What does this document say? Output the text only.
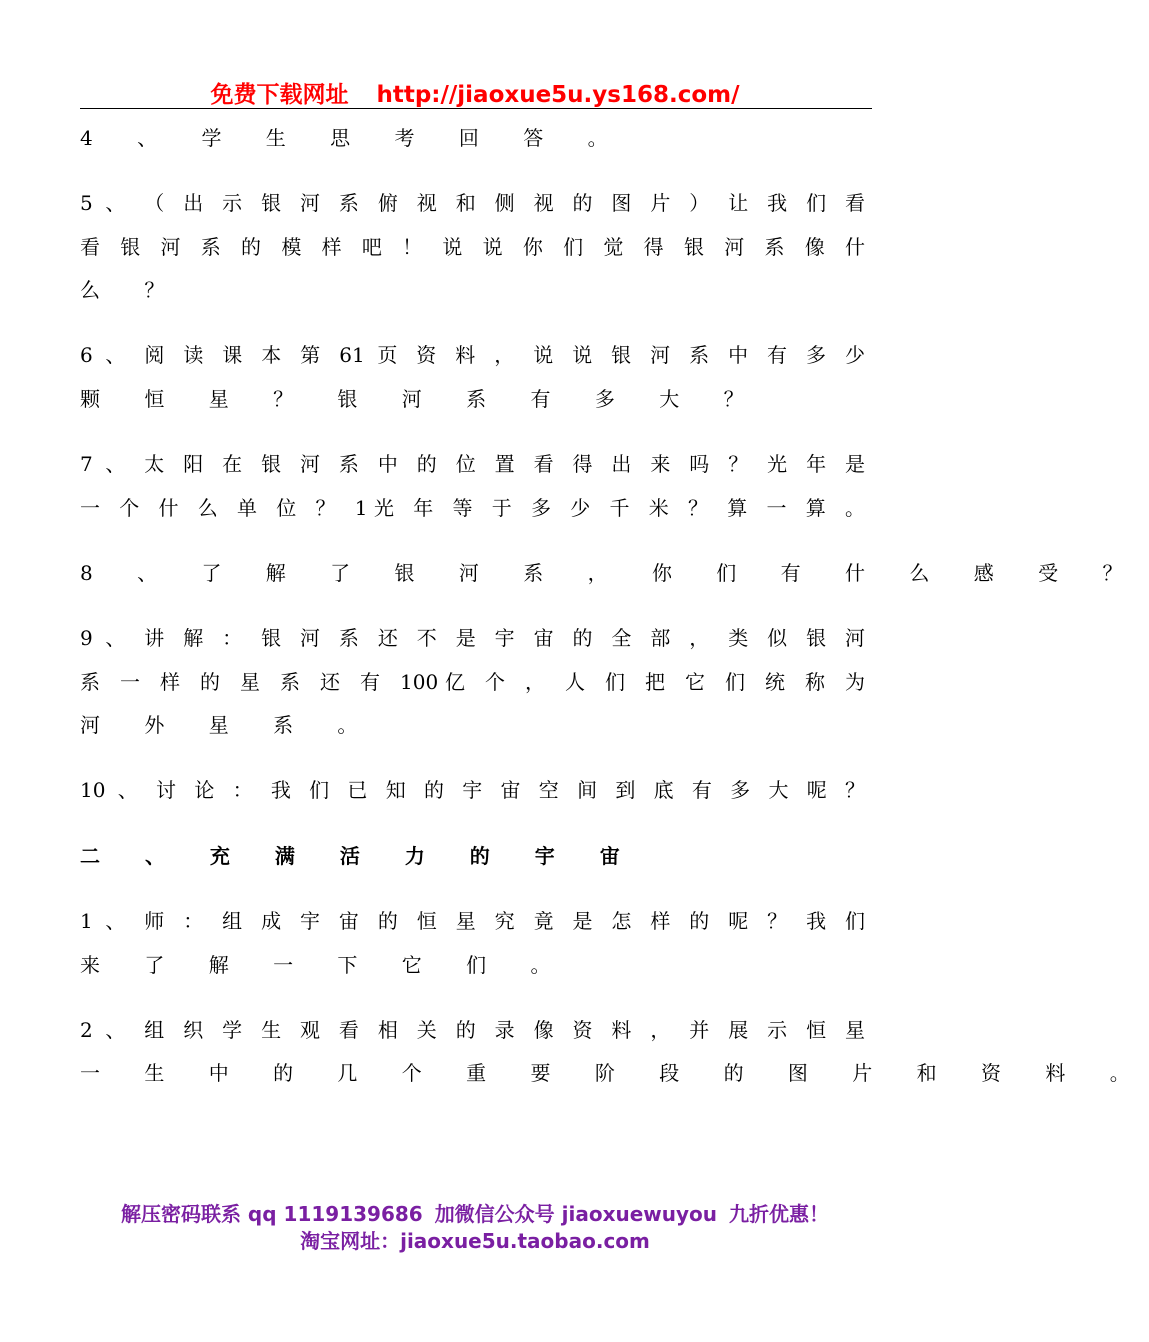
免费下载网址 http://jiaoxue5u.ys168.com/
4 、 学 生 思 考 回 答 。
5 、 （ 出 示 银 河 系 俯 视 和 侧 视 的 图 片 ） 让 我 们 看
看 银 河 系 的 模 样 吧 ！ 说 说 你 们 觉 得 银 河 系 像 什
么 ？
6 、 阅 读 课 本 第 61 页 资 料 ， 说 说 银 河 系 中 有 多 少
颗 恒 星 ？ 银 河 系 有 多 大 ？
7 、 太 阳 在 银 河 系 中 的 位 置 看 得 出 来 吗 ？ 光 年 是
一 个 什 么 单 位 ？ 1光 年 等 于 多 少 千 米 ？ 算 一 算 。
8 、 了 解 了 银 河 系 ， 你 们 有 什 么 感 受 ？
9 、 讲 解 ： 银 河 系 还 不 是 宇 宙 的 全 部 ， 类 似 银 河
系 一 样 的 星 系 还 有 100亿 个 ， 人 们 把 它 们 统 称 为
河 外 星 系 。
10 、 讨 论 ： 我 们 已 知 的 宇 宙 空 间 到 底 有 多 大 呢 ？
二 、 充 满 活 力 的 宇 宙
1 、 师 ： 组 成 宇 宙 的 恒 星 究 竟 是 怎 样 的 呢 ？ 我 们
来 了 解 一 下 它 们 。
2 、 组 织 学 生 观 看 相 关 的 录 像 资 料 ， 并 展 示 恒 星
一 生 中 的 几 个 重 要 阶 段 的 图 片 和 资 料 。
解压密码联系 qq 1119139686 加微信公众号 jiaoxuewuyou 九折优惠！
淘宝网址：jiaoxue5u.taobao.com
